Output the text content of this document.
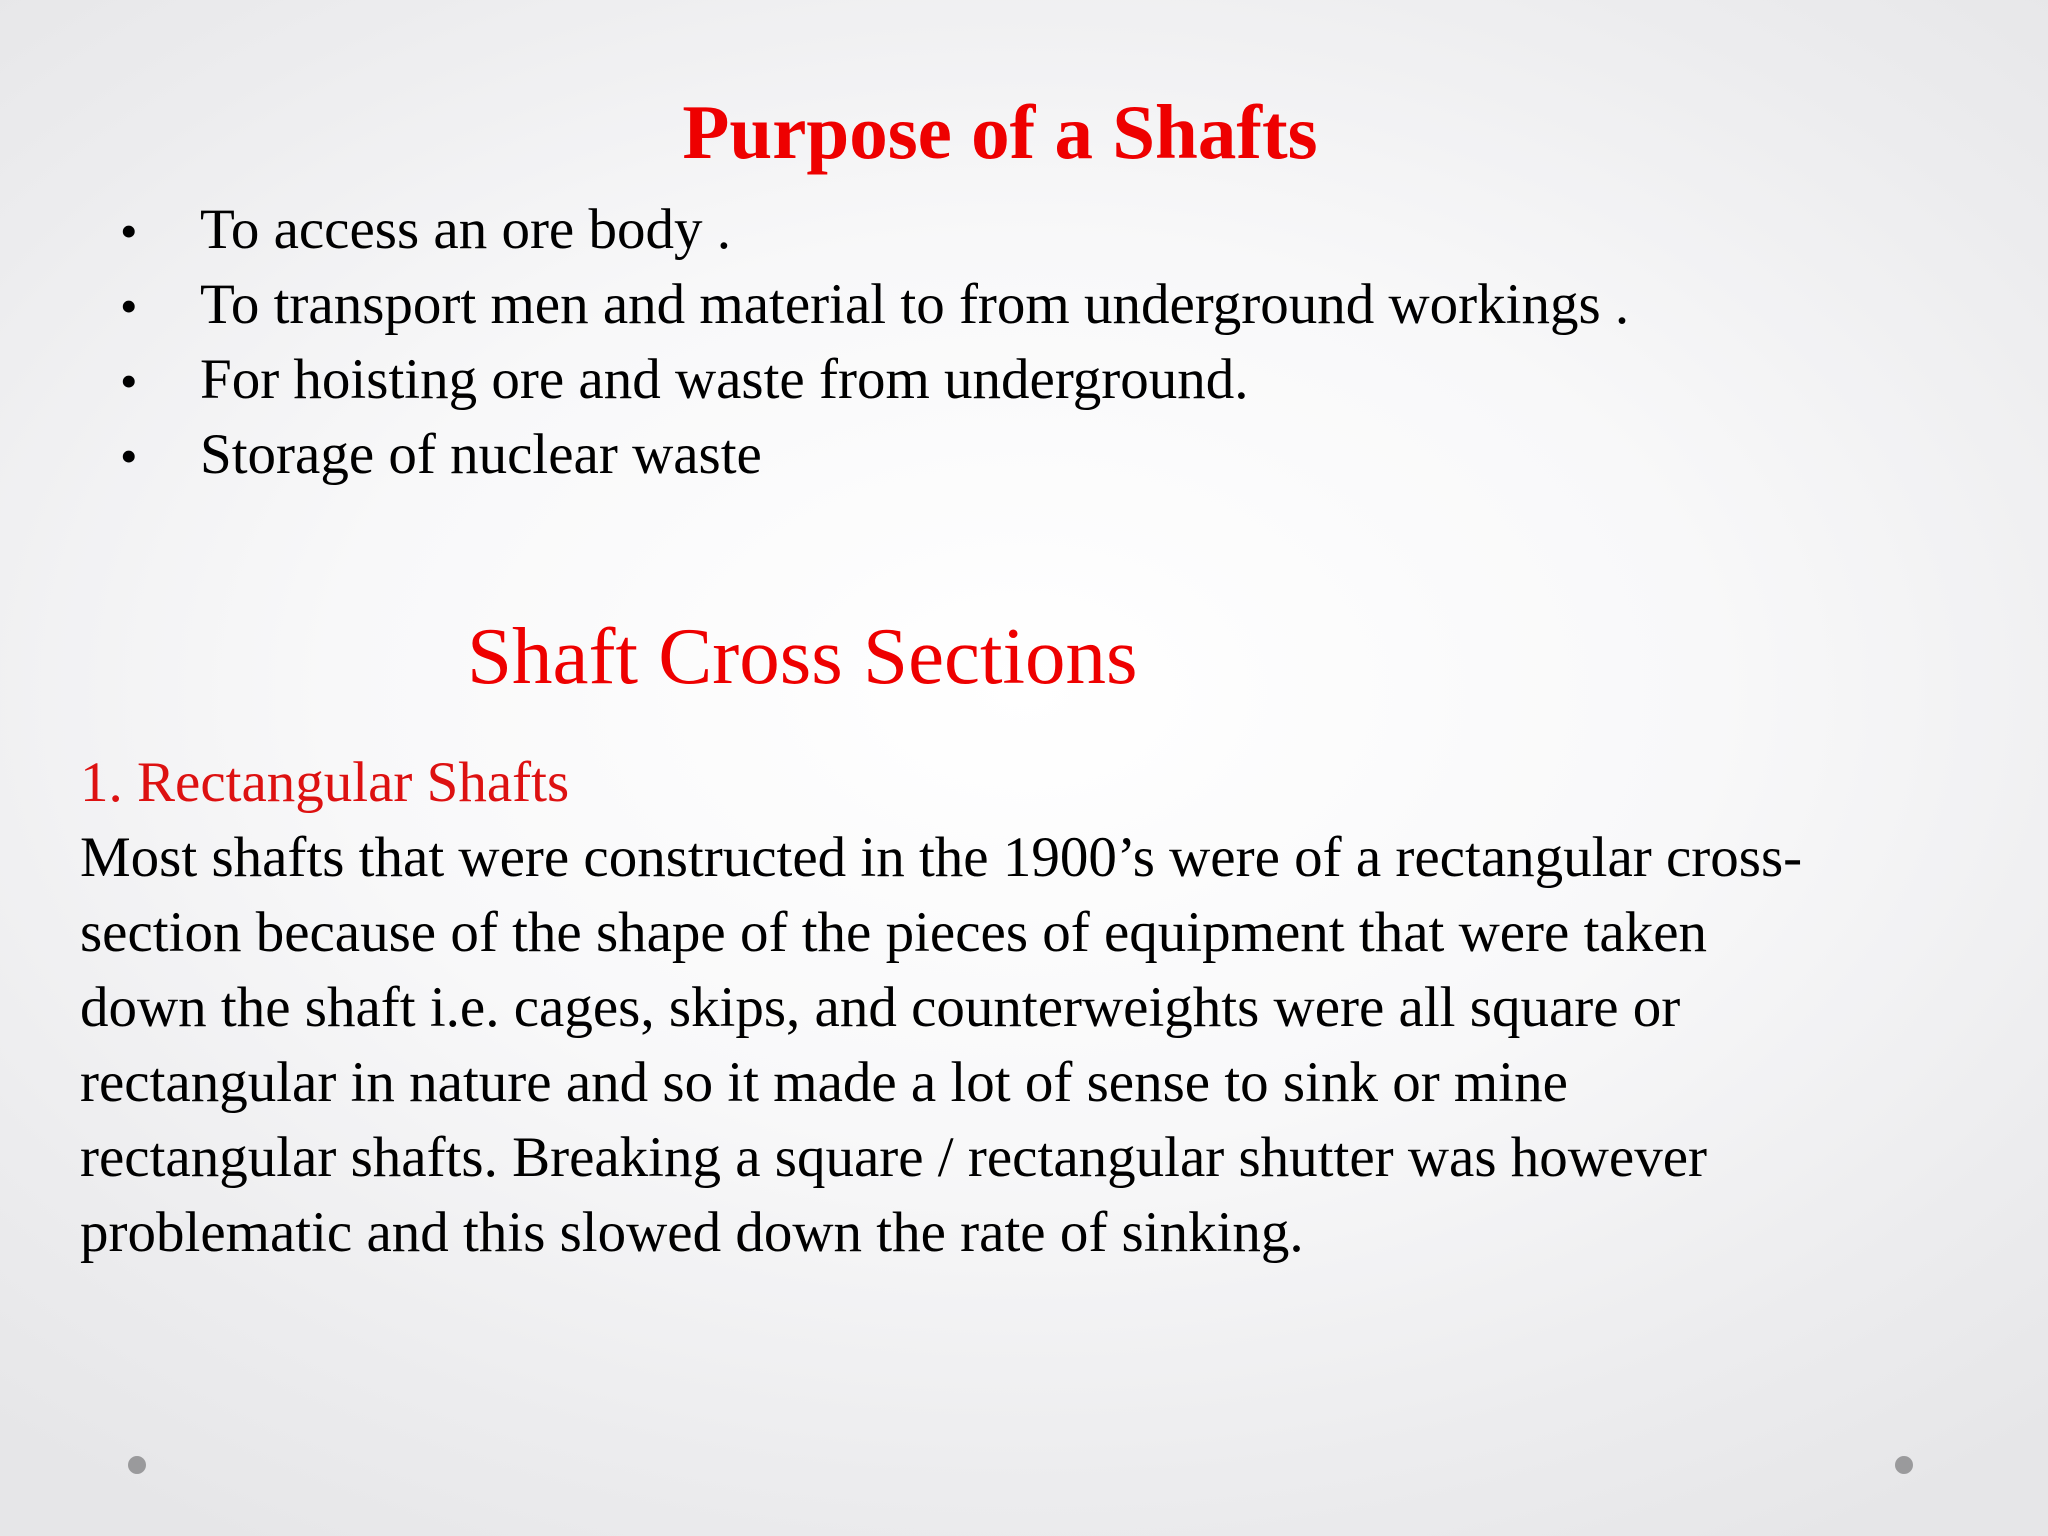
Purpose of a Shafts
• To access an ore body .
• To transport men and material to from underground workings .
• For hoisting ore and waste from underground.
• Storage of nuclear waste
Shaft Cross Sections
1. Rectangular Shafts
Most shafts that were constructed in the 1900’s were of a rectangular cross-
section because of the shape of the pieces of equipment that were taken
down the shaft i.e. cages, skips, and counterweights were all square or
rectangular in nature and so it made a lot of sense to sink or mine
rectangular shafts. Breaking a square / rectangular shutter was however
problematic and this slowed down the rate of sinking.
